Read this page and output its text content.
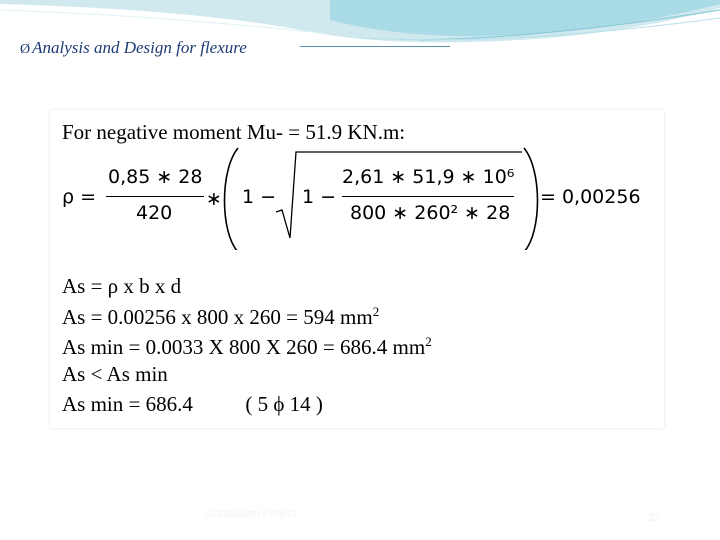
Ø Analysis and Design for flexure
For negative moment Mu- = 51.9 KN.m:
ρ =
0,85 ∗ 28
420
∗ 1 − 1 −
2,61 ∗ 51,9 ∗ 10⁶
800 ∗ 260² ∗ 28
= 0,00256
As = ρ x b x d
As = 0.00256 x 800 x 260 = 594 $mm^2$
As min = 0.0033 X 800 X 260 = 686.4 $mm^2$
As < As min
As min = 686.4          ( 5 ϕ 14 )
Graduation Project	27
